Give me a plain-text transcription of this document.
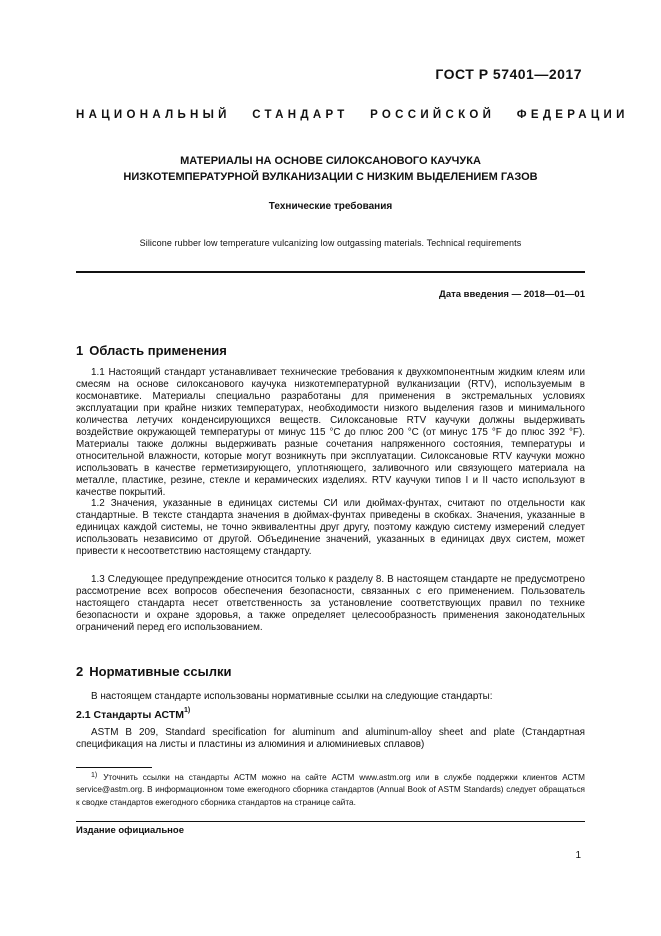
ГОСТ Р 57401—2017
НАЦИОНАЛЬНЫЙ СТАНДАРТ РОССИЙСКОЙ ФЕДЕРАЦИИ
МАТЕРИАЛЫ НА ОСНОВЕ СИЛОКСАНОВОГО КАУЧУКА
НИЗКОТЕМПЕРАТУРНОЙ ВУЛКАНИЗАЦИИ С НИЗКИМ ВЫДЕЛЕНИЕМ ГАЗОВ
Технические требования
Silicone rubber low temperature vulcanizing low outgassing materials. Technical requirements
Дата введения — 2018—01—01
1 Область применения
1.1 Настоящий стандарт устанавливает технические требования к двухкомпонентным жидким клеям или смесям на основе силоксанового каучука низкотемпературной вулканизации (RTV), используемым в космонавтике. Материалы специально разработаны для применения в экстремальных условиях эксплуатации при крайне низких температурах, необходимости низкого выделения газов и минимального количества летучих конденсирующихся веществ. Силоксановые RTV каучуки должны выдерживать воздействие окружающей температуры от минус 115 °С до плюс 200 °С (от минус 175 °F до плюс 392 °F). Материалы также должны выдерживать разные сочетания напряженного состояния, температуры и относительной влажности, которые могут возникнуть при эксплуатации. Силоксановые RTV каучуки можно использовать в качестве герметизирующего, уплотняющего, заливочного или связующего материала на металле, пластике, резине, стекле и керамических изделиях. RTV каучуки типов I и II часто используют в качестве покрытий.
1.2 Значения, указанные в единицах системы СИ или дюймах-фунтах, считают по отдельности как стандартные. В тексте стандарта значения в дюймах-фунтах приведены в скобках. Значения, указанные в единицах каждой системы, не точно эквивалентны друг другу, поэтому каждую систему измерений следует использовать независимо от другой. Объединение значений, указанных в единицах двух систем, может привести к несоответствию настоящему стандарту.
1.3 Следующее предупреждение относится только к разделу 8. В настоящем стандарте не предусмотрено рассмотрение всех вопросов обеспечения безопасности, связанных с его применением. Пользователь настоящего стандарта несет ответственность за установление соответствующих правил по технике безопасности и охране здоровья, а также определяет целесообразность применения законодательных ограничений перед его использованием.
2 Нормативные ссылки
В настоящем стандарте использованы нормативные ссылки на следующие стандарты:
2.1 Стандарты АСТМ$^{1)}$
ASTM В 209, Standard specification for aluminum and aluminum-alloy sheet and plate (Стандартная спецификация на листы и пластины из алюминия и алюминиевых сплавов)
$^{1)}$ Уточнить ссылки на стандарты АСТМ можно на сайте АСТМ www.astm.org или в службе поддержки клиентов АСТМ service@astm.org. В информационном томе ежегодного сборника стандартов (Annual Book of ASTM Standards) следует обращаться к сводке стандартов ежегодного сборника стандартов на странице сайта.
Издание официальное
1
